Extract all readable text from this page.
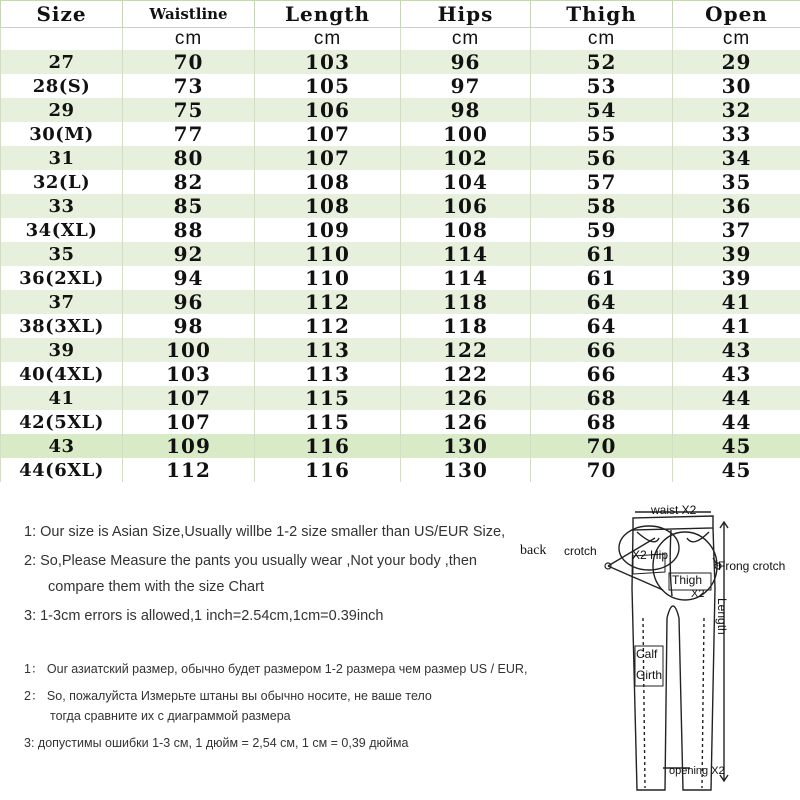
Size	Waistline	Length	Hips	Thigh	Open
	cm	cm	cm	cm	cm
27	70	103	96	52	29
28(S)	73	105	97	53	30
29	75	106	98	54	32
30(M)	77	107	100	55	33
31	80	107	102	56	34
32(L)	82	108	104	57	35
33	85	108	106	58	36
34(XL)	88	109	108	59	37
35	92	110	114	61	39
36(2XL)	94	110	114	61	39
37	96	112	118	64	41
38(3XL)	98	112	118	64	41
39	100	113	122	66	43
40(4XL)	103	113	122	66	43
41	107	115	126	68	44
42(5XL)	107	115	126	68	44
43	109	116	130	70	45
44(6XL)	112	116	130	70	45
1: Our size is Asian Size,Usually willbe 1-2 size smaller than US/EUR Size,
2: So,Please Measure the pants you usually wear ,Not your body ,then
compare them with the size Chart
3: 1-3cm errors is allowed,1 inch=2.54cm,1cm=0.39inch
1： Our азиатский размер, обычно будет размером 1-2 размера чем размер US / EUR,
2： So, пожалуйста Измерьте штаны вы обычно носите, не ваше тело
тогда сравните их с диаграммой размера
3: допустимы ошибки 1-3 см, 1 дюйм = 2,54 см, 1 см = 0,39 дюйма
waist X2
back crotch	X2 Hip
Frong crotch
Thigh
X2
Length
Calf
Girth
opening X2
